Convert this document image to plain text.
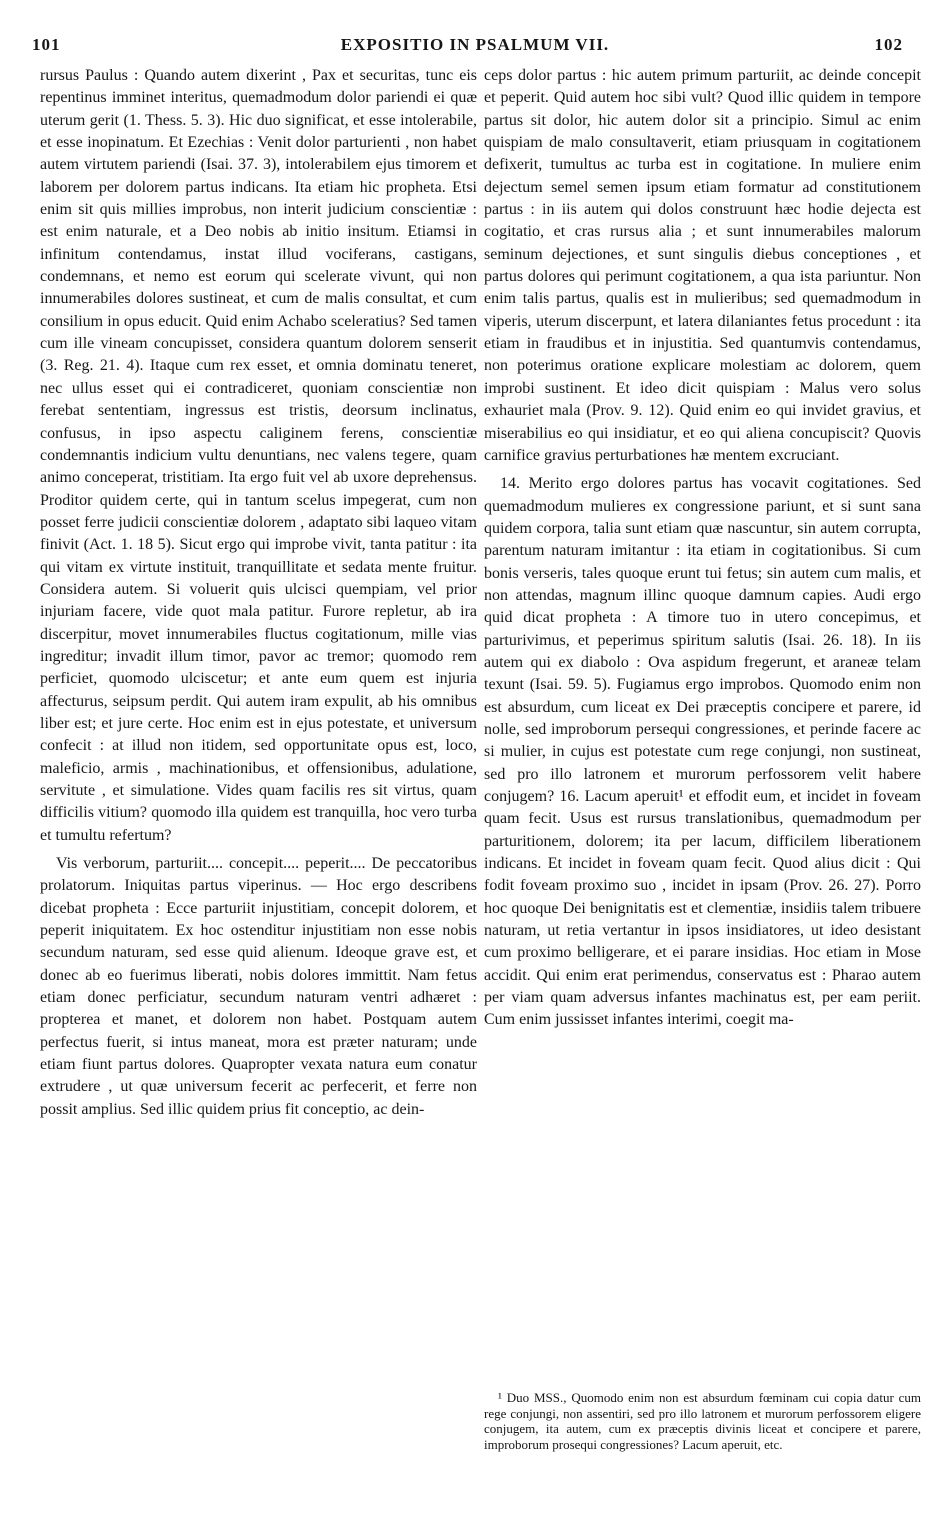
101	EXPOSITIO IN PSALMUM VII.	102

rursus Paulus : Quando autem dixerint , Pax et securitas, tunc eis repentinus imminet interitus, quemadmodum dolor pariendi ei quæ uterum gerit (1. Thess. 5. 3). Hic duo significat, et esse intolerabile, et esse inopinatum. Et Ezechias : Venit dolor parturienti , non habet autem virtutem pariendi (Isai. 37. 3), intolerabilem ejus timorem et laborem per dolorem partus indicans. Ita etiam hic propheta. Etsi enim sit quis millies improbus, non interit judicium conscientiæ : est enim naturale, et a Deo nobis ab initio insitum. Etiamsi in infinitum contendamus, instat illud vociferans, castigans, condemnans, et nemo est eorum qui scelerate vivunt, qui non innumerabiles dolores sustineat, et cum de malis consultat, et cum consilium in opus educit. Quid enim Achabo sceleratius? Sed tamen cum ille vineam concupisset, considera quantum dolorem senserit (3. Reg. 21. 4). Itaque cum rex esset, et omnia dominatu teneret, nec ullus esset qui ei contradiceret, quoniam conscientiæ non ferebat sententiam, ingressus est tristis, deorsum inclinatus, confusus, in ipso aspectu caliginem ferens, conscientiæ condemnantis indicium vultu denuntians, nec valens tegere, quam animo conceperat, tristitiam. Ita ergo fuit vel ab uxore deprehensus. Proditor quidem certe, qui in tantum scelus impegerat, cum non posset ferre judicii conscientiæ dolorem , adaptato sibi laqueo vitam finivit (Act. 1. 18 5). Sicut ergo qui improbe vivit, tanta patitur : ita qui vitam ex virtute instituit, tranquillitate et sedata mente fruitur. Considera autem. Si voluerit quis ulcisci quempiam, vel prior injuriam facere, vide quot mala patitur. Furore repletur, ab ira discerpitur, movet innumerabiles fluctus cogitationum, mille vias ingreditur; invadit illum timor, pavor ac tremor; quomodo rem perficiet, quomodo ulciscetur; et ante eum quem est injuria affecturus, seipsum perdit. Qui autem iram expulit, ab his omnibus liber est; et jure certe. Hoc enim est in ejus potestate, et universum confecit : at illud non itidem, sed opportunitate opus est, loco, maleficio, armis , machinationibus, et offensionibus, adulatione, servitute , et simulatione. Vides quam facilis res sit virtus, quam difficilis vitium? quomodo illa quidem est tranquilla, hoc vero turba et tumultu refertum?

Vis verborum, parturiit.... concepit.... peperit.... De peccatoribus prolatorum. Iniquitas partus viperinus. — Hoc ergo describens dicebat propheta : Ecce parturiit injustitiam, concepit dolorem, et peperit iniquitatem. Ex hoc ostenditur injustitiam non esse nobis secundum naturam, sed esse quid alienum. Ideoque grave est, et donec ab eo fuerimus liberati, nobis dolores immittit. Nam fetus etiam donec perficiatur, secundum naturam ventri adhæret : propterea et manet, et dolorem non habet. Postquam autem perfectus fuerit, si intus maneat, mora est præter naturam; unde etiam fiunt partus dolores. Quapropter vexata natura eum conatur extrudere , ut quæ universum fecerit ac perfecerit, et ferre non possit amplius. Sed illic quidem prius fit conceptio, ac dein-

ceps dolor partus : hic autem primum parturiit, ac deinde concepit et peperit. Quid autem hoc sibi vult? Quod illic quidem in tempore partus sit dolor, hic autem dolor sit a principio. Simul ac enim quispiam de malo consultaverit, etiam priusquam in cogitationem defixerit, tumultus ac turba est in cogitatione. In muliere enim dejectum semel semen ipsum etiam formatur ad constitutionem partus : in iis autem qui dolos construunt hæc hodie dejecta est cogitatio, et cras rursus alia ; et sunt innumerabiles malorum seminum dejectiones, et sunt singulis diebus conceptiones , et partus dolores qui perimunt cogitationem, a qua ista pariuntur. Non enim talis partus, qualis est in mulieribus; sed quemadmodum in viperis, uterum discerpunt, et latera dilaniantes fetus procedunt : ita etiam in fraudibus et in injustitia. Sed quantumvis contendamus, non poterimus oratione explicare molestiam ac dolorem, quem improbi sustinent. Et ideo dicit quispiam : Malus vero solus exhauriet mala (Prov. 9. 12). Quid enim eo qui invidet gravius, et miserabilius eo qui insidiatur, et eo qui aliena concupiscit? Quovis carnifice gravius perturbationes hæ mentem excruciant.

14. Merito ergo dolores partus has vocavit cogitationes. Sed quemadmodum mulieres ex congressione pariunt, et si sunt sana quidem corpora, talia sunt etiam quæ nascuntur, sin autem corrupta, parentum naturam imitantur : ita etiam in cogitationibus. Si cum bonis verseris, tales quoque erunt tui fetus; sin autem cum malis, et non attendas, magnum illinc quoque damnum capies. Audi ergo quid dicat propheta : A timore tuo in utero concepimus, et parturivimus, et peperimus spiritum salutis (Isai. 26. 18). In iis autem qui ex diabolo : Ova aspidum fregerunt, et araneæ telam texunt (Isai. 59. 5). Fugiamus ergo improbos. Quomodo enim non est absurdum, cum liceat ex Dei præceptis concipere et parere, id nolle, sed improborum persequi congressiones, et perinde facere ac si mulier, in cujus est potestate cum rege conjungi, non sustineat, sed pro illo latronem et murorum perfossorem velit habere conjugem? 16. Lacum aperuit¹ et effodit eum, et incidet in foveam quam fecit. Usus est rursus translationibus, quemadmodum per parturitionem, dolorem; ita per lacum, difficilem liberationem indicans. Et incidet in foveam quam fecit. Quod alius dicit : Qui fodit foveam proximo suo , incidet in ipsam (Prov. 26. 27). Porro hoc quoque Dei benignitatis est et clementiæ, insidiis talem tribuere naturam, ut retia vertantur in ipsos insidiatores, ut ideo desistant cum proximo belligerare, et ei parare insidias. Hoc etiam in Mose accidit. Qui enim erat perimendus, conservatus est : Pharao autem per viam quam adversus infantes machinatus est, per eam periit. Cum enim jussisset infantes interimi, coegit ma-

¹ Duo MSS., Quomodo enim non est absurdum fœminam cui copia datur cum rege conjungi, non assentiri, sed pro illo latronem et murorum perfossorem eligere conjugem, ita autem, cum ex præceptis divinis liceat et concipere et parere, improborum prosequi congressiones? Lacum aperuit, etc.
